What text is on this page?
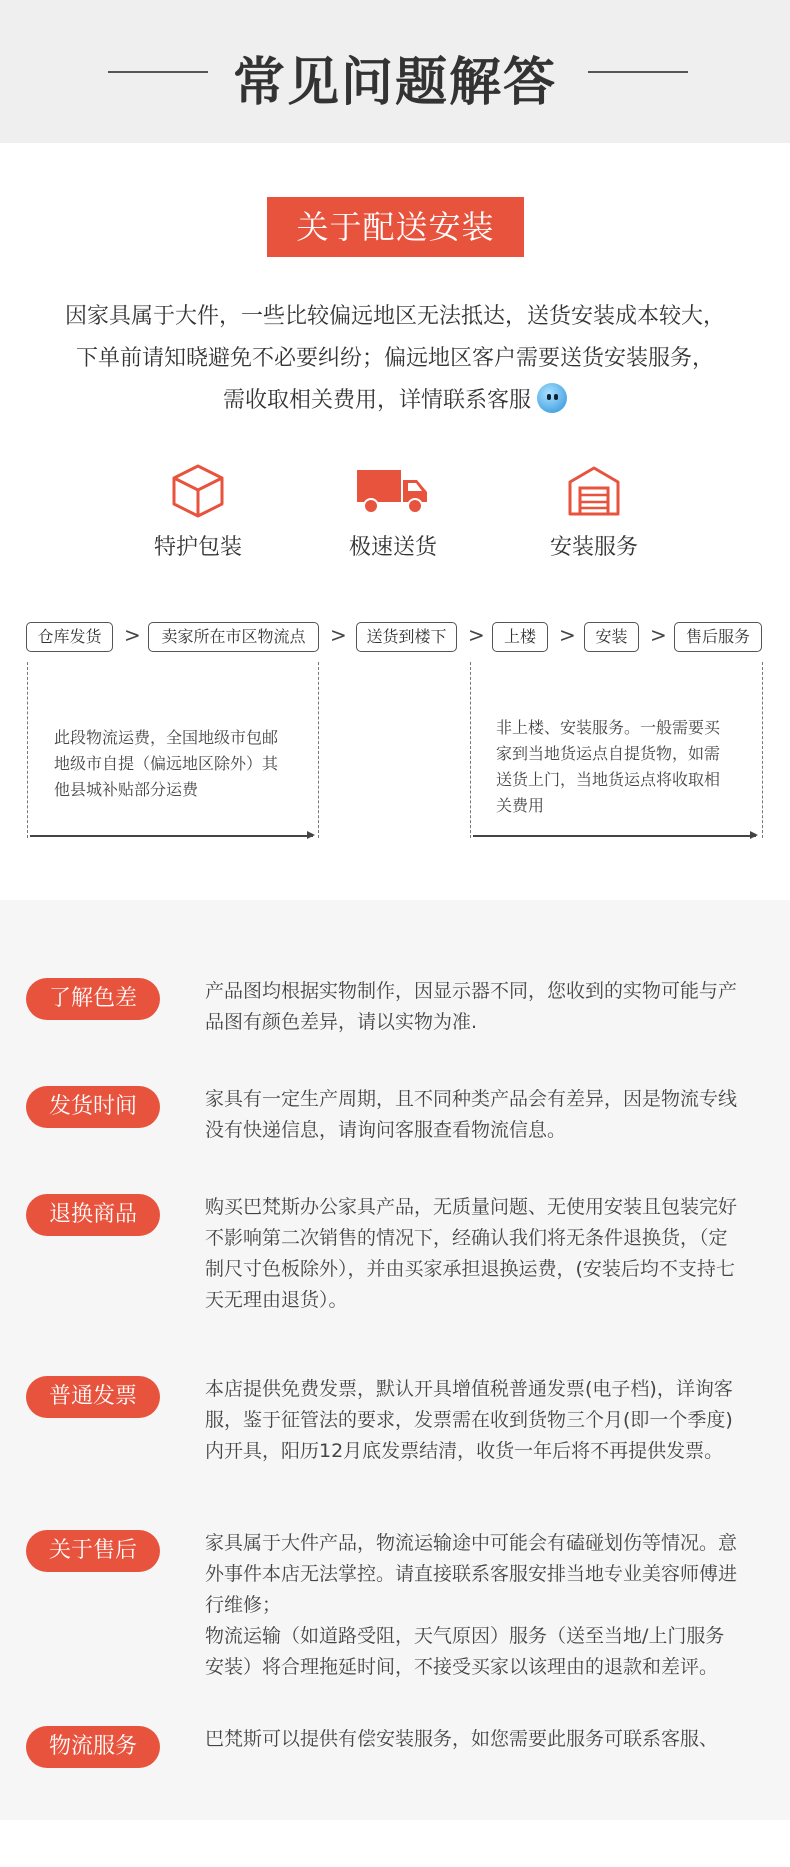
常见问题解答
关于配送安装
因家具属于大件，一些比较偏远地区无法抵达，送货安装成本较大，
下单前请知晓避免不必要纠纷；偏远地区客户需要送货安装服务，
需收取相关费用，详情联系客服
特护包装	极速送货	安装服务
仓库发货	>	卖家所在市区物流点	>	送货到楼下	>	上楼	>	安装	>	售后服务
此段物流运费，全国地级市包邮
地级市自提（偏远地区除外）其
他县城补贴部分运费
非上楼、安装服务。一般需要买
家到当地货运点自提货物，如需
送货上门，当地货运点将收取相
关费用
了解色差	产品图均根据实物制作，因显示器不同，您收到的实物可能与产
品图有颜色差异，请以实物为准.
发货时间	家具有一定生产周期，且不同种类产品会有差异，因是物流专线
没有快递信息，请询问客服查看物流信息。
退换商品	购买巴梵斯办公家具产品，无质量问题、无使用安装且包装完好
不影响第二次销售的情况下，经确认我们将无条件退换货，（定
制尺寸色板除外），并由买家承担退换运费，(安装后均不支持七
天无理由退货）。
普通发票	本店提供免费发票，默认开具增值税普通发票(电子档)，详询客
服，鉴于征管法的要求，发票需在收到货物三个月(即一个季度)
内开具，阳历12月底发票结清，收货一年后将不再提供发票。
关于售后	家具属于大件产品，物流运输途中可能会有磕碰划伤等情况。意
外事件本店无法掌控。请直接联系客服安排当地专业美容师傅进
行维修；
物流运输（如道路受阻，天气原因）服务（送至当地/上门服务
安装）将合理拖延时间，不接受买家以该理由的退款和差评。
物流服务	巴梵斯可以提供有偿安装服务，如您需要此服务可联系客服、
